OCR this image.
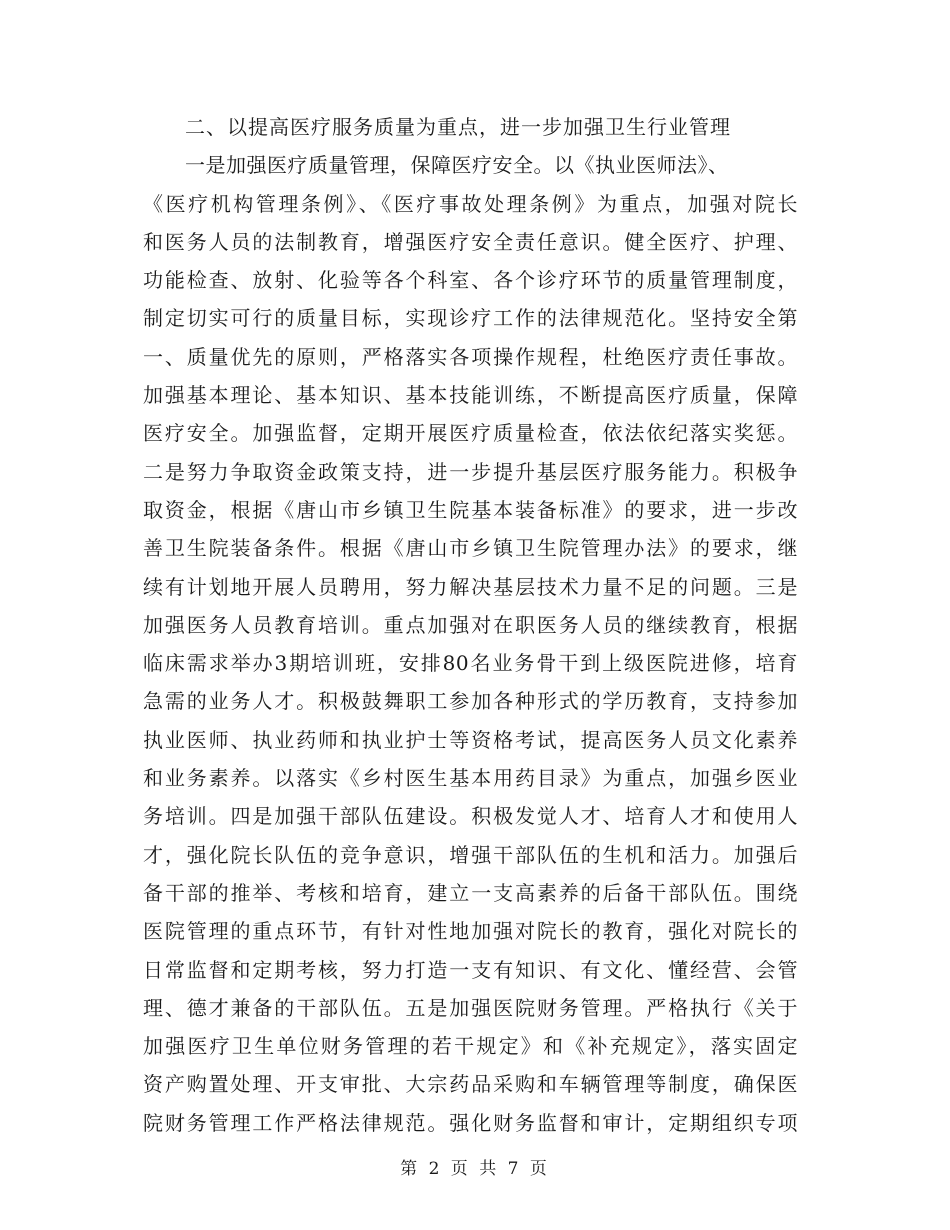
二、以提高医疗服务质量为重点，进一步加强卫生行业管理
一是加强医疗质量管理，保障医疗安全。以《执业医师法》、
《医疗机构管理条例》、《医疗事故处理条例》为重点，加强对院长
和医务人员的法制教育，增强医疗安全责任意识。健全医疗、护理、
功能检查、放射、化验等各个科室、各个诊疗环节的质量管理制度，
制定切实可行的质量目标，实现诊疗工作的法律规范化。坚持安全第
一、质量优先的原则，严格落实各项操作规程，杜绝医疗责任事故。
加强基本理论、基本知识、基本技能训练，不断提高医疗质量，保障
医疗安全。加强监督，定期开展医疗质量检查，依法依纪落实奖惩。
二是努力争取资金政策支持，进一步提升基层医疗服务能力。积极争
取资金，根据《唐山市乡镇卫生院基本装备标准》的要求，进一步改
善卫生院装备条件。根据《唐山市乡镇卫生院管理办法》的要求，继
续有计划地开展人员聘用，努力解决基层技术力量不足的问题。三是
加强医务人员教育培训。重点加强对在职医务人员的继续教育，根据
临床需求举办3期培训班，安排80名业务骨干到上级医院进修，培育
急需的业务人才。积极鼓舞职工参加各种形式的学历教育，支持参加
执业医师、执业药师和执业护士等资格考试，提高医务人员文化素养
和业务素养。以落实《乡村医生基本用药目录》为重点，加强乡医业
务培训。四是加强干部队伍建设。积极发觉人才、培育人才和使用人
才，强化院长队伍的竞争意识，增强干部队伍的生机和活力。加强后
备干部的推举、考核和培育，建立一支高素养的后备干部队伍。围绕
医院管理的重点环节，有针对性地加强对院长的教育，强化对院长的
日常监督和定期考核，努力打造一支有知识、有文化、懂经营、会管
理、德才兼备的干部队伍。五是加强医院财务管理。严格执行《关于
加强医疗卫生单位财务管理的若干规定》和《补充规定》，落实固定
资产购置处理、开支审批、大宗药品采购和车辆管理等制度，确保医
院财务管理工作严格法律规范。强化财务监督和审计，定期组织专项
第 2 页 共 7 页
